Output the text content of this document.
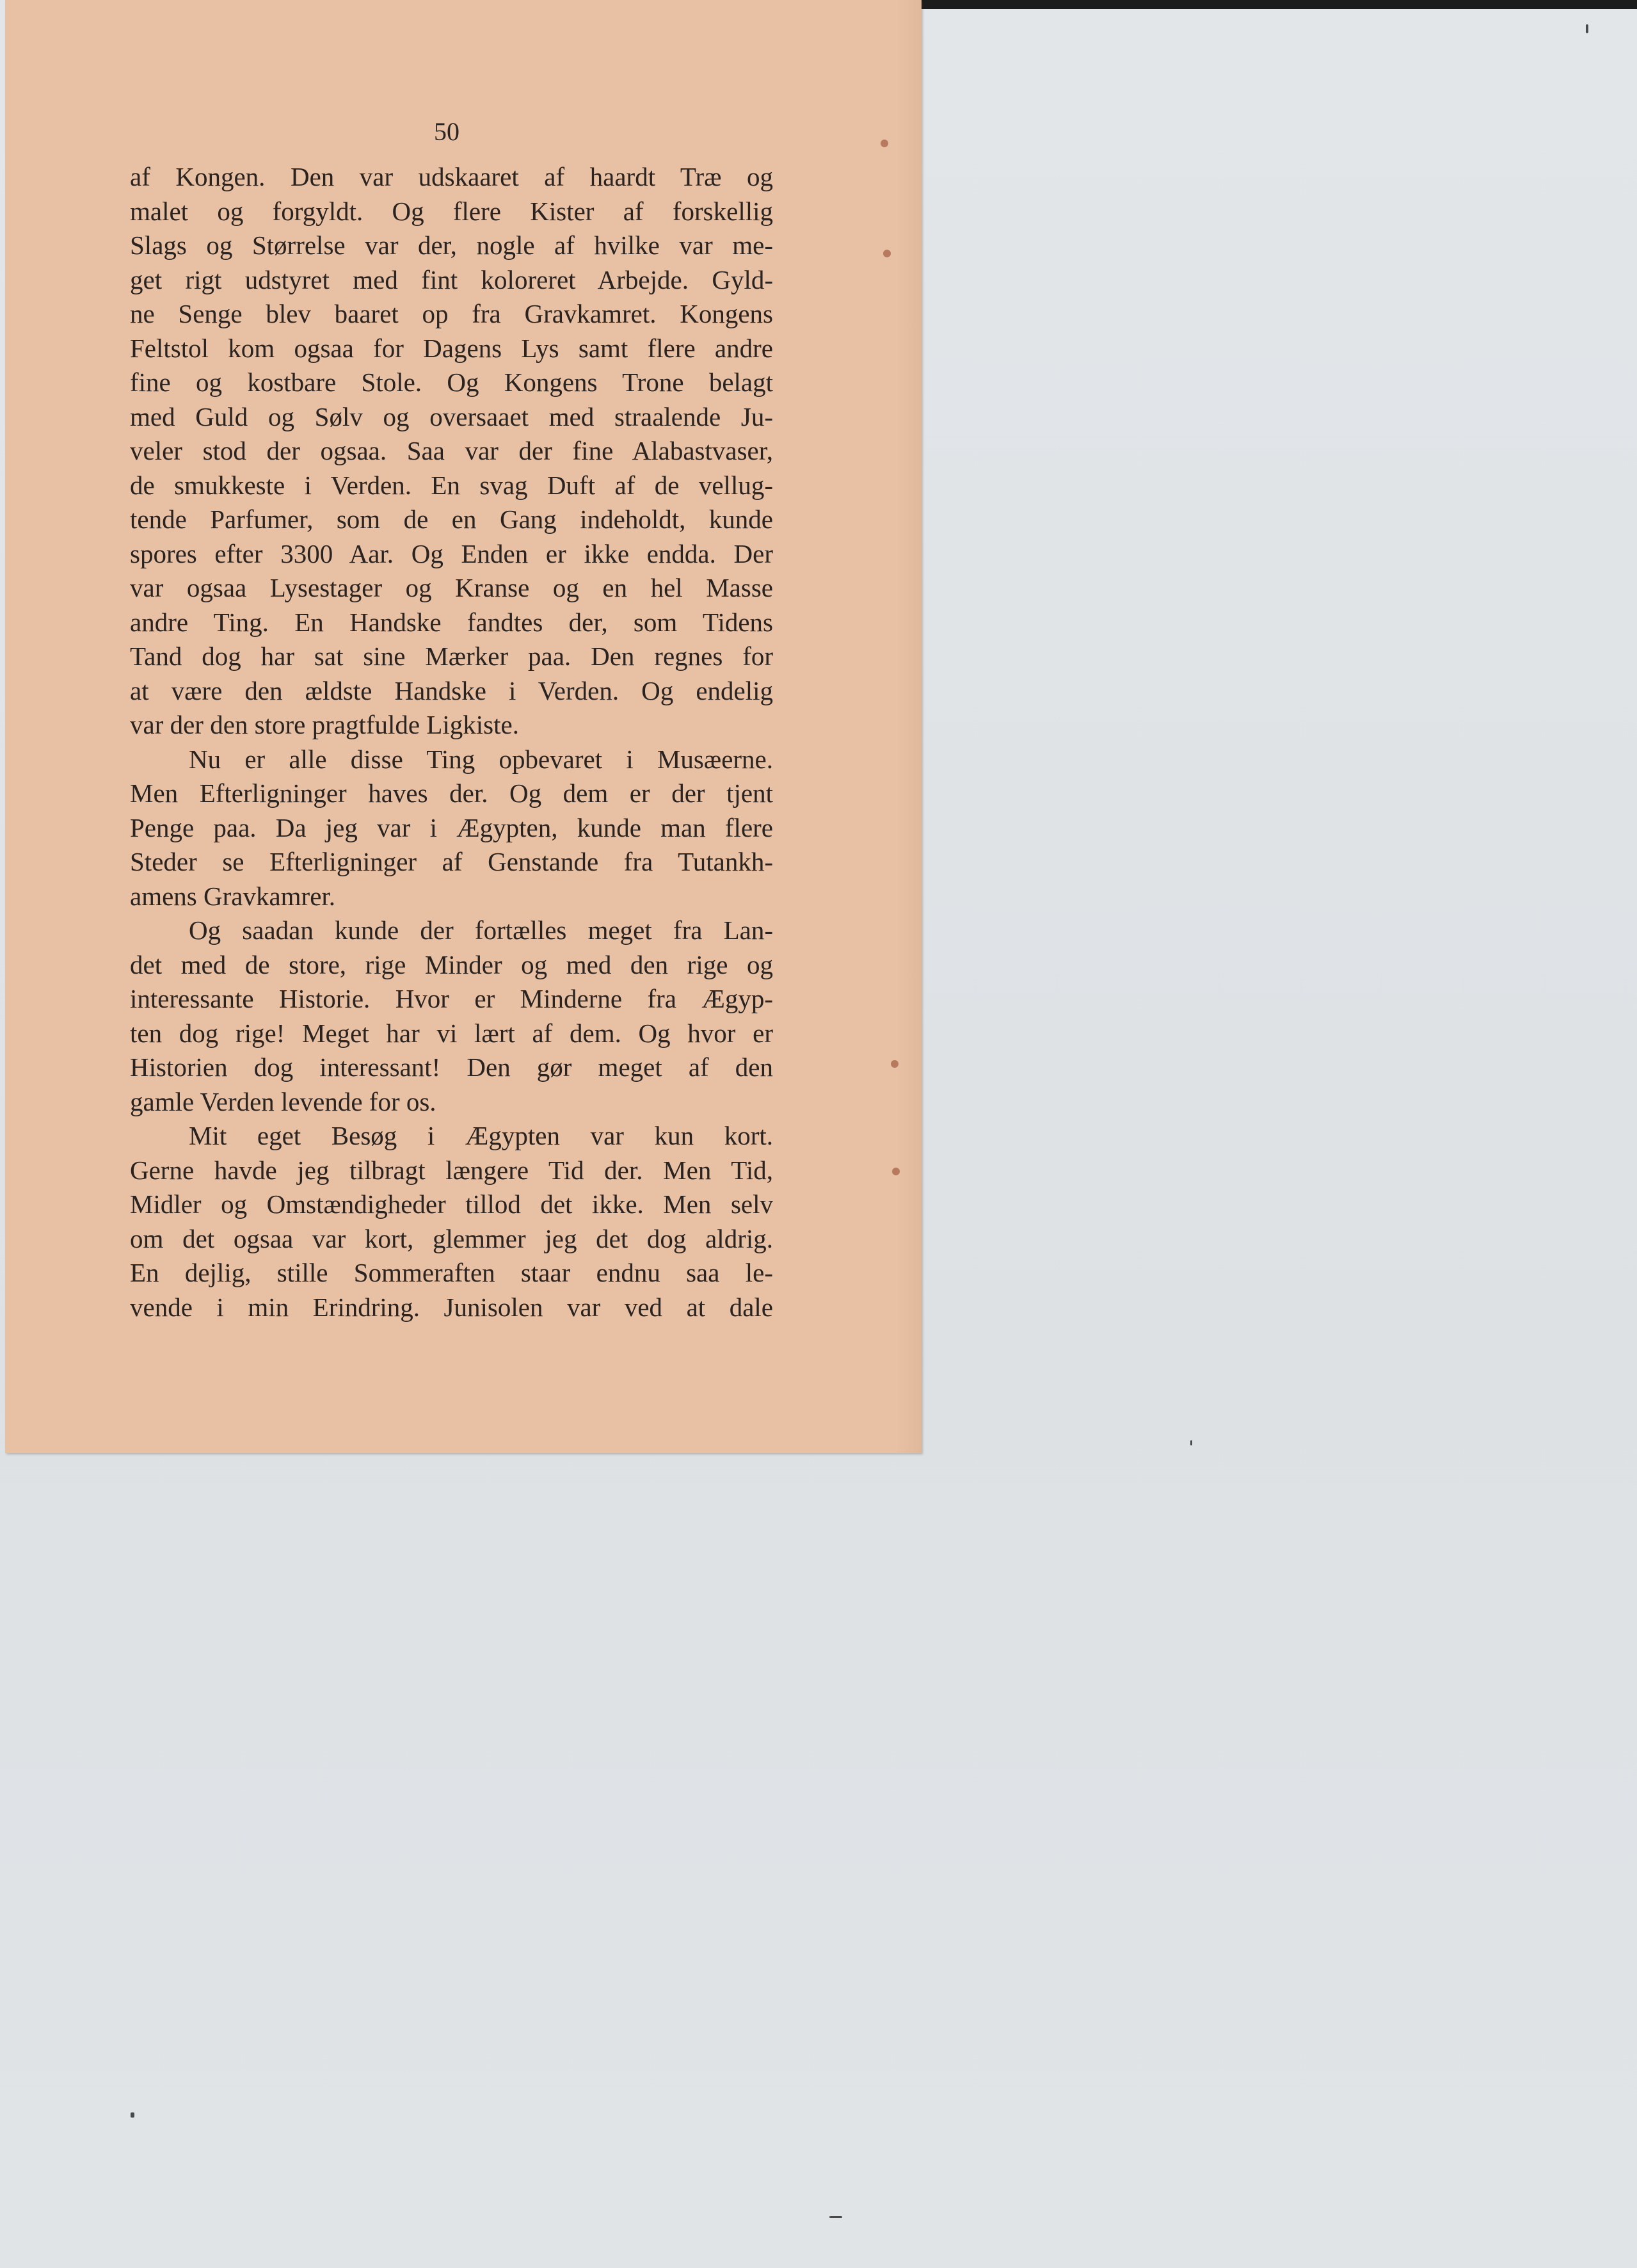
50
af Kongen. Den var udskaaret af haardt Træ og
malet og forgyldt. Og flere Kister af forskellig
Slags og Størrelse var der, nogle af hvilke var me-
get rigt udstyret med fint koloreret Arbejde. Gyld-
ne Senge blev baaret op fra Gravkamret. Kongens
Feltstol kom ogsaa for Dagens Lys samt flere andre
fine og kostbare Stole. Og Kongens Trone belagt
med Guld og Sølv og oversaaet med straalende Ju-
veler stod der ogsaa. Saa var der fine Alabastvaser,
de smukkeste i Verden. En svag Duft af de vellug-
tende Parfumer, som de en Gang indeholdt, kunde
spores efter 3300 Aar. Og Enden er ikke endda. Der
var ogsaa Lysestager og Kranse og en hel Masse
andre Ting. En Handske fandtes der, som Tidens
Tand dog har sat sine Mærker paa. Den regnes for
at være den ældste Handske i Verden. Og endelig
var der den store pragtfulde Ligkiste.
Nu er alle disse Ting opbevaret i Musæerne.
Men Efterligninger haves der. Og dem er der tjent
Penge paa. Da jeg var i Ægypten, kunde man flere
Steder se Efterligninger af Genstande fra Tutankh-
amens Gravkamrer.
Og saadan kunde der fortælles meget fra Lan-
det med de store, rige Minder og med den rige og
interessante Historie. Hvor er Minderne fra Ægyp-
ten dog rige! Meget har vi lært af dem. Og hvor er
Historien dog interessant! Den gør meget af den
gamle Verden levende for os.
Mit eget Besøg i Ægypten var kun kort.
Gerne havde jeg tilbragt længere Tid der. Men Tid,
Midler og Omstændigheder tillod det ikke. Men selv
om det ogsaa var kort, glemmer jeg det dog aldrig.
En dejlig, stille Sommeraften staar endnu saa le-
vende i min Erindring. Junisolen var ved at dale
